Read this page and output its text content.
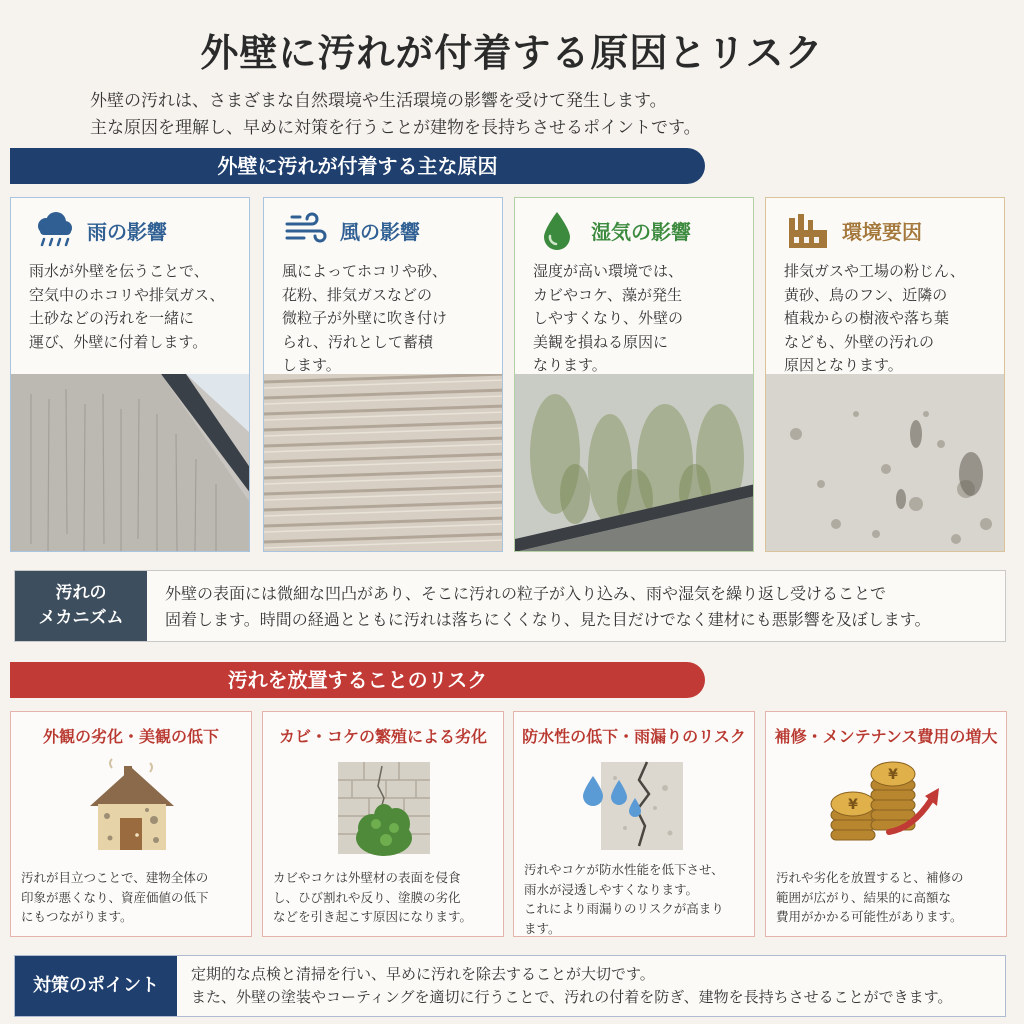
外壁に汚れが付着する原因とリスク
外壁の汚れは、さまざまな自然環境や生活環境の影響を受けて発生します。
主な原因を理解し、早めに対策を行うことが建物を長持ちさせるポイントです。
外壁に汚れが付着する主な原因
雨の影響
雨水が外壁を伝うことで、
空気中のホコリや排気ガス、
土砂などの汚れを一緒に
運び、外壁に付着します。
風の影響
風によってホコリや砂、
花粉、排気ガスなどの
微粒子が外壁に吹き付け
られ、汚れとして蓄積
します。
湿気の影響
湿度が高い環境では、
カビやコケ、藻が発生
しやすくなり、外壁の
美観を損ねる原因に
なります。
環境要因
排気ガスや工場の粉じん、
黄砂、鳥のフン、近隣の
植栽からの樹液や落ち葉
なども、外壁の汚れの
原因となります。
汚れの
メカニズム
外壁の表面には微細な凹凸があり、そこに汚れの粒子が入り込み、雨や湿気を繰り返し受けることで
固着します。時間の経過とともに汚れは落ちにくくなり、見た目だけでなく建材にも悪影響を及ぼします。
汚れを放置することのリスク
外観の劣化・美観の低下
汚れが目立つことで、建物全体の
印象が悪くなり、資産価値の低下
にもつながります。
カビ・コケの繁殖による劣化
カビやコケは外壁材の表面を侵食
し、ひび割れや反り、塗膜の劣化
などを引き起こす原因になります。
防水性の低下・雨漏りのリスク
汚れやコケが防水性能を低下させ、
雨水が浸透しやすくなります。
これにより雨漏りのリスクが高まり
ます。
補修・メンテナンス費用の増大
¥
¥
汚れや劣化を放置すると、補修の
範囲が広がり、結果的に高額な
費用がかかる可能性があります。
対策のポイント
定期的な点検と清掃を行い、早めに汚れを除去することが大切です。
また、外壁の塗装やコーティングを適切に行うことで、汚れの付着を防ぎ、建物を長持ちさせることができます。
